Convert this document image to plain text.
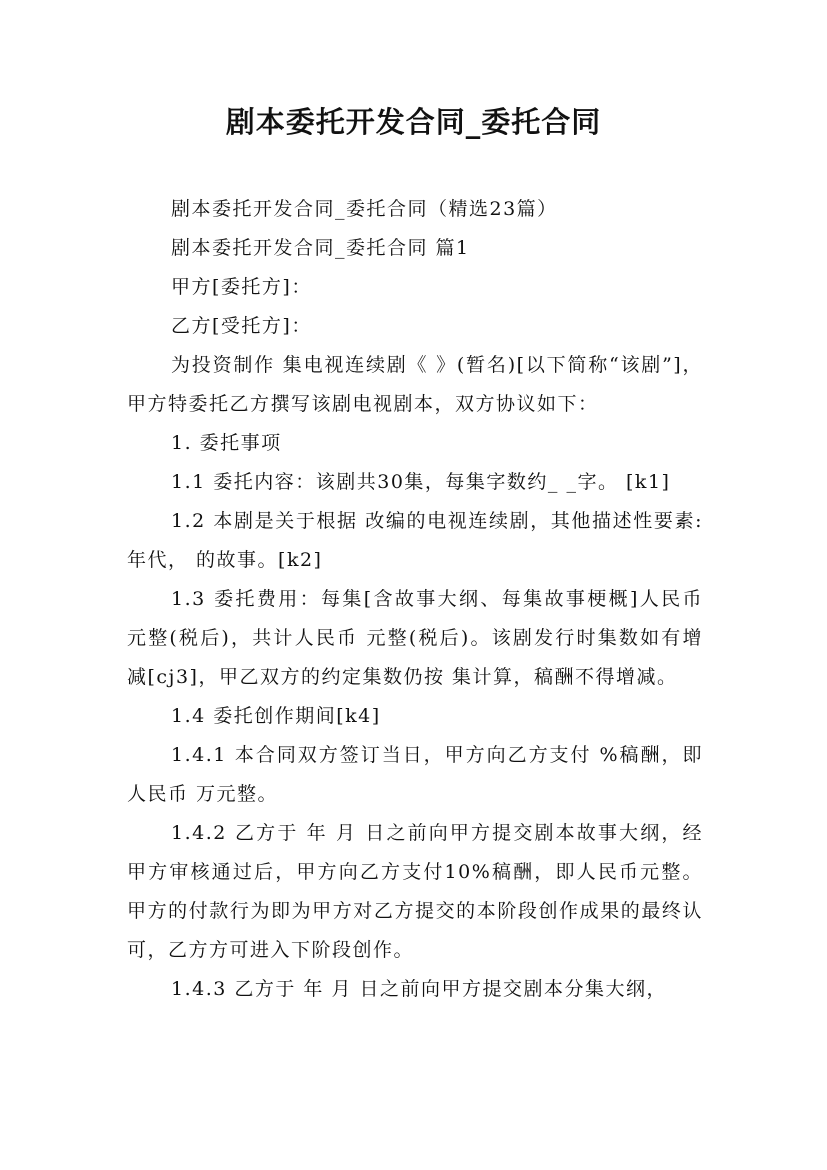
剧本委托开发合同_委托合同

剧本委托开发合同_委托合同（精选23篇）

剧本委托开发合同_委托合同 篇1

甲方[委托方]：

乙方[受托方]：

为投资制作 集电视连续剧《 》(暂名)[以下简称“该剧”]，甲方特委托乙方撰写该剧电视剧本，双方协议如下：

1. 委托事项

1.1 委托内容：该剧共30集，每集字数约_ _字。 [k1]

1.2 本剧是关于根据 改编的电视连续剧，其他描述性要素: 年代， 的故事。[k2]

1.3 委托费用：每集[含故事大纲、每集故事梗概]人民币 元整(税后)，共计人民币 元整(税后)。该剧发行时集数如有增减[cj3]，甲乙双方的约定集数仍按 集计算，稿酬不得增减。

1.4 委托创作期间[k4]

1.4.1 本合同双方签订当日，甲方向乙方支付 %稿酬，即人民币 万元整。

1.4.2 乙方于 年 月 日之前向甲方提交剧本故事大纲，经甲方审核通过后，甲方向乙方支付10%稿酬，即人民币元整。甲方的付款行为即为甲方对乙方提交的本阶段创作成果的最终认可，乙方方可进入下阶段创作。

1.4.3 乙方于 年 月 日之前向甲方提交剧本分集大纲，
